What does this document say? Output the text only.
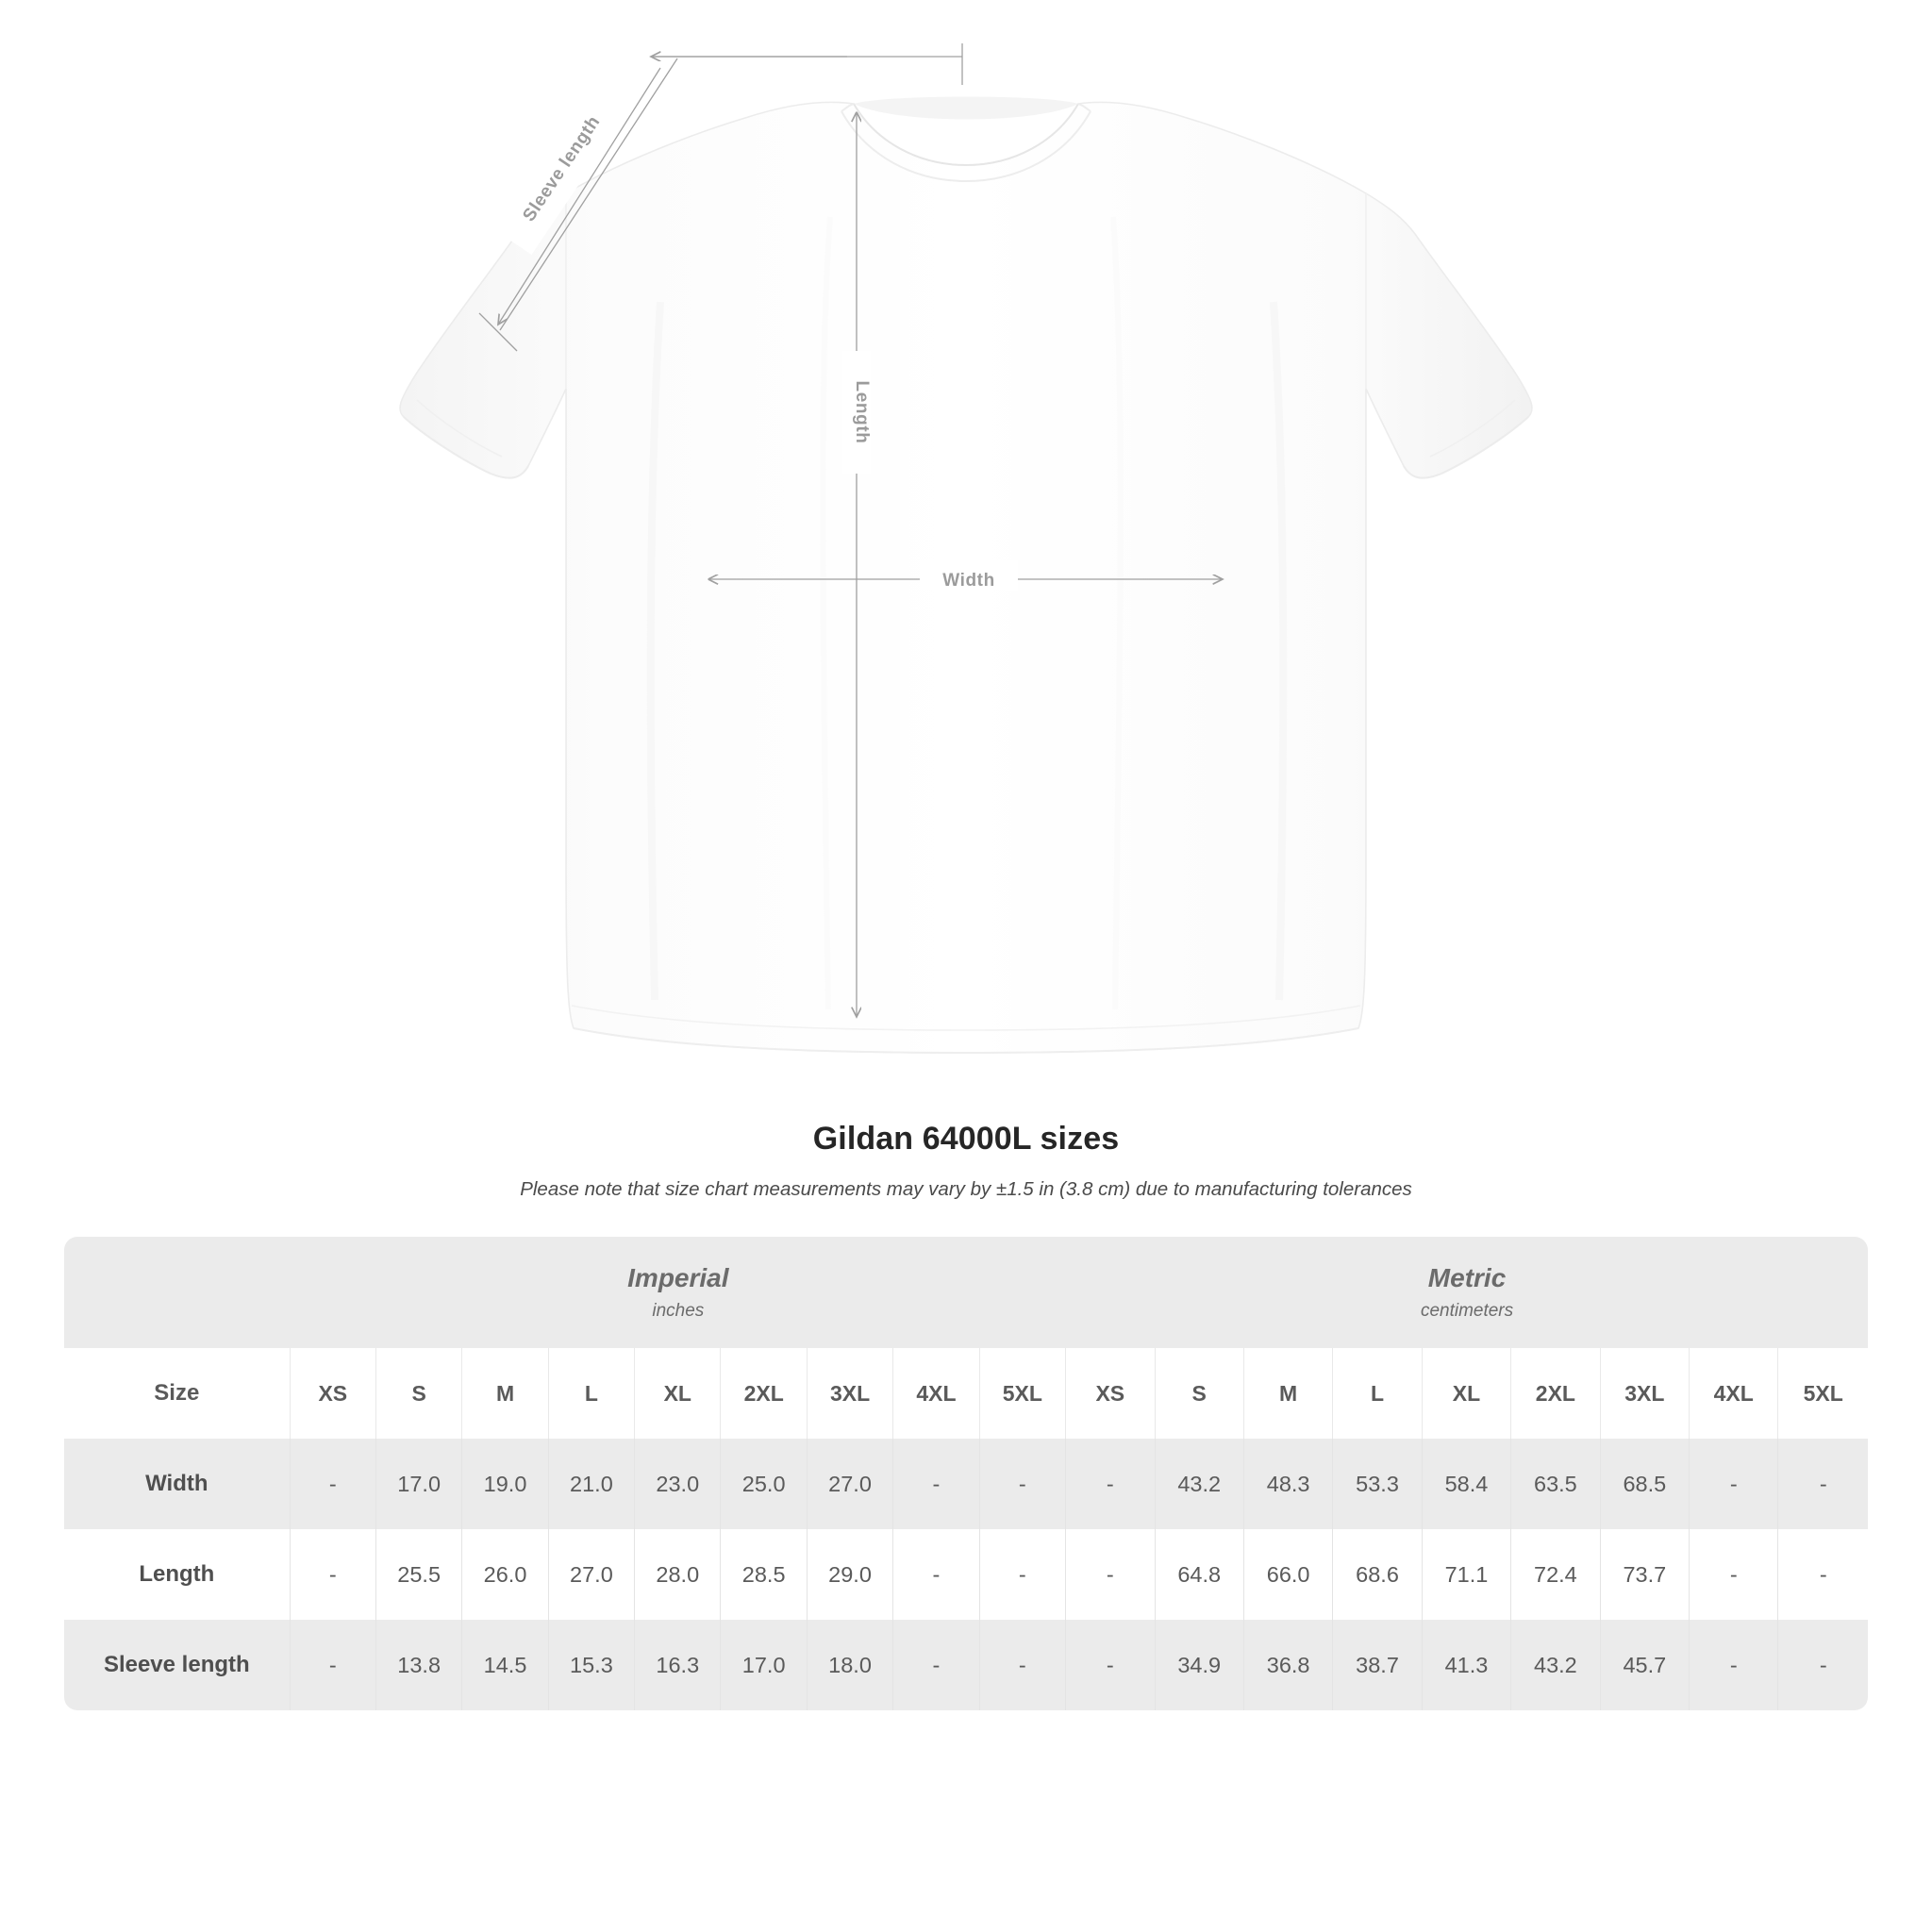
Length
Width
Sleeve length
Gildan 64000L sizes
Please note that size chart measurements may vary by ±1.5 in (3.8 cm) due to manufacturing tolerances

Imperial
inches

Metric
centimeters

Size	XS	S	M	L	XL	2XL	3XL	4XL	5XL	XS	S	M	L	XL	2XL	3XL	4XL	5XL
Width	-	17.0	19.0	21.0	23.0	25.0	27.0	-	-	-	43.2	48.3	53.3	58.4	63.5	68.5	-	-
Length	-	25.5	26.0	27.0	28.0	28.5	29.0	-	-	-	64.8	66.0	68.6	71.1	72.4	73.7	-	-
Sleeve length	-	13.8	14.5	15.3	16.3	17.0	18.0	-	-	-	34.9	36.8	38.7	41.3	43.2	45.7	-	-
